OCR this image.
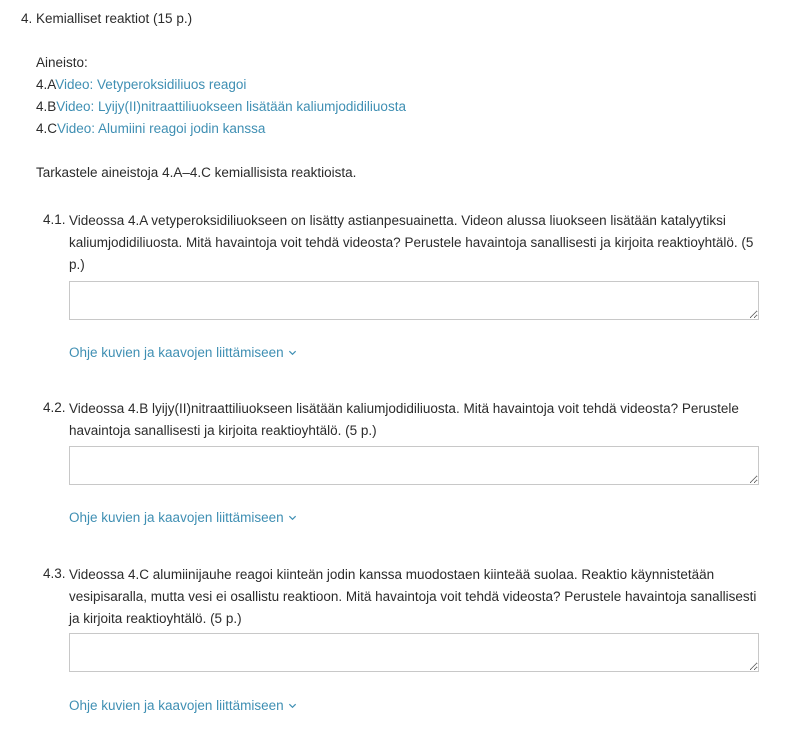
4. Kemialliset reaktiot (15 p.)
Aineisto:
4.AVideo: Vetyperoksidiliuos reagoi
4.BVideo: Lyijy(II)nitraattiliuokseen lisätään kaliumjodidiliuosta
4.CVideo: Alumiini reagoi jodin kanssa
Tarkastele aineistoja 4.A–4.C kemiallisista reaktioista.
4.1. Videossa 4.A vetyperoksidiliuokseen on lisätty astianpesuainetta. Videon alussa liuokseen lisätään katalyytiksi kaliumjodidiliuosta. Mitä havaintoja voit tehdä videosta? Perustele havaintoja sanallisesti ja kirjoita reaktioyhtälö. (5 p.)
Ohje kuvien ja kaavojen liittämiseen
4.2. Videossa 4.B lyijy(II)nitraattiliuokseen lisätään kaliumjodidiliuosta. Mitä havaintoja voit tehdä videosta? Perustele havaintoja sanallisesti ja kirjoita reaktioyhtälö. (5 p.)
Ohje kuvien ja kaavojen liittämiseen
4.3. Videossa 4.C alumiinijauhe reagoi kiinteän jodin kanssa muodostaen kiinteää suolaa. Reaktio käynnistetään vesipisaralla, mutta vesi ei osallistu reaktioon. Mitä havaintoja voit tehdä videosta? Perustele havaintoja sanallisesti ja kirjoita reaktioyhtälö. (5 p.)
Ohje kuvien ja kaavojen liittämiseen
